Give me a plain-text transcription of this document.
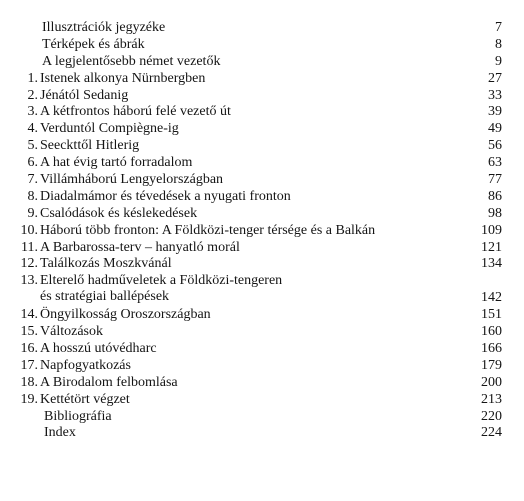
Illusztrációk jegyzéke	7
Térképek és ábrák	8
A legjelentősebb német vezetők	9
1. Istenek alkonya Nürnbergben	27
2. Jénától Sedanig	33
3. A kétfrontos háború felé vezető út	39
4. Verduntól Compiègne-ig	49
5. Seeckttől Hitlerig	56
6. A hat évig tartó forradalom	63
7. Villámháború Lengyelországban	77
8. Diadalmámor és tévedések a nyugati fronton	86
9. Csalódások és késlekedések	98
10. Háború több fronton: A Földközi-tenger térsége és a Balkán	109
11. A Barbarossa-terv – hanyatló morál	121
12. Találkozás Moszkvánál	134
13. Elterelő hadműveletek a Földközi-tengeren
és stratégiai ballépések	142
14. Öngyilkosság Oroszországban	151
15. Változások	160
16. A hosszú utóvédharc	166
17. Napfogyatkozás	179
18. A Birodalom felbomlása	200
19. Kettétört végzet	213
Bibliográfia	220
Index	224
